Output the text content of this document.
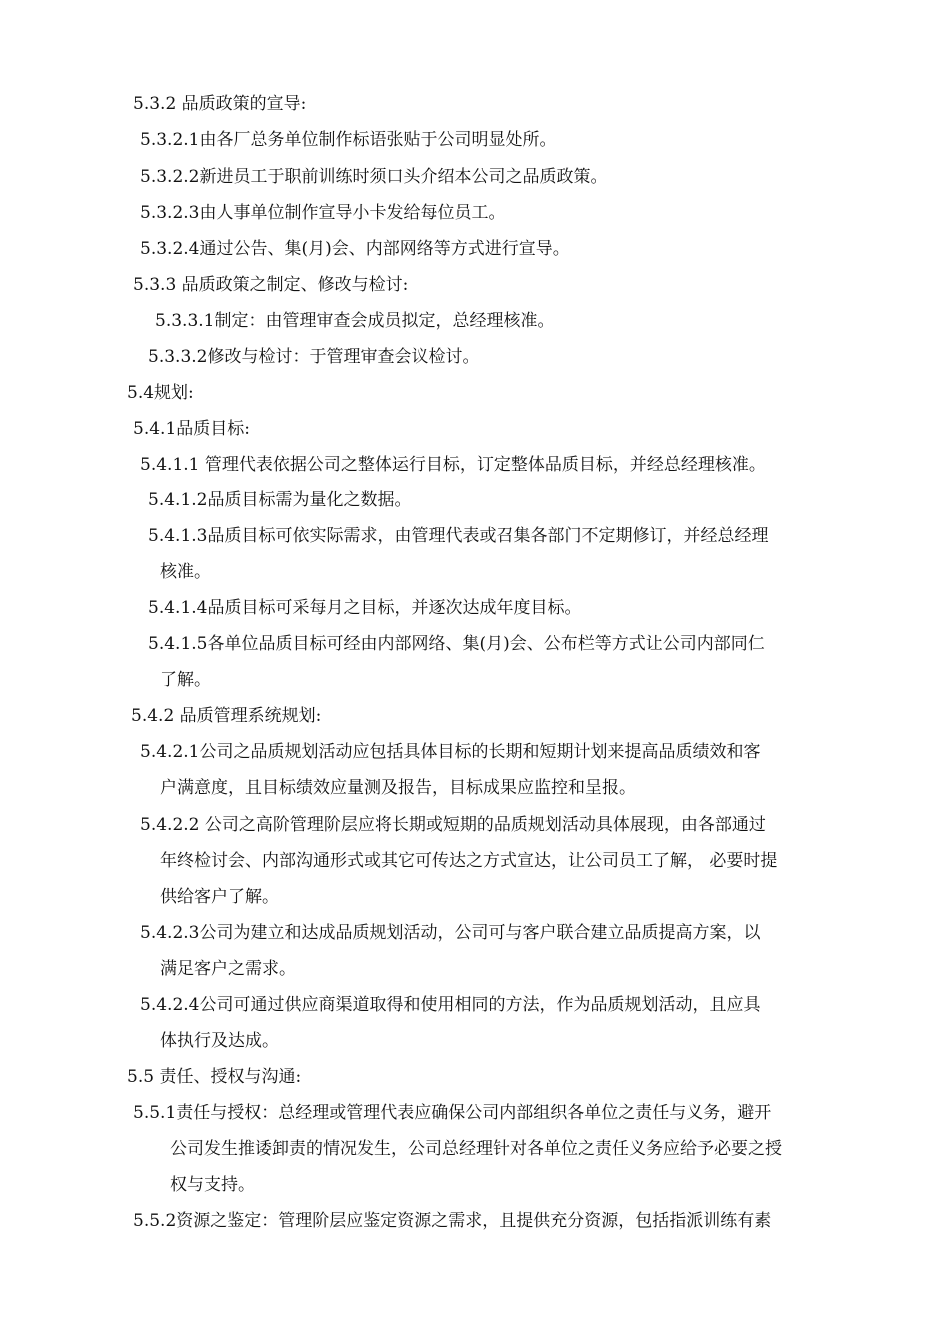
5.3.2 品质政策的宣导:
5.3.2.1由各厂总务单位制作标语张贴于公司明显处所。
5.3.2.2新进员工于职前训练时须口头介绍本公司之品质政策。
5.3.2.3由人事单位制作宣导小卡发给每位员工。
5.3.2.4通过公告、集(月)会、内部网络等方式进行宣导。
5.3.3 品质政策之制定、修改与检讨:
5.3.3.1制定：由管理审查会成员拟定，总经理核准。
5.3.3.2修改与检讨：于管理审查会议检讨。
5.4规划:
5.4.1品质目标:
5.4.1.1 管理代表依据公司之整体运行目标，订定整体品质目标，并经总经理核准。
5.4.1.2品质目标需为量化之数据。
5.4.1.3品质目标可依实际需求，由管理代表或召集各部门不定期修订，并经总经理
核准。
5.4.1.4品质目标可采每月之目标，并逐次达成年度目标。
5.4.1.5各单位品质目标可经由内部网络、集(月)会、公布栏等方式让公司内部同仁
了解。
5.4.2 品质管理系统规划:
5.4.2.1公司之品质规划活动应包括具体目标的长期和短期计划来提高品质绩效和客
户满意度，且目标绩效应量测及报告，目标成果应监控和呈报。
5.4.2.2 公司之高阶管理阶层应将长期或短期的品质规划活动具体展现，由各部通过
年终检讨会、内部沟通形式或其它可传达之方式宣达，让公司员工了解， 必要时提
供给客户了解。
5.4.2.3公司为建立和达成品质规划活动，公司可与客户联合建立品质提高方案，以
满足客户之需求。
5.4.2.4公司可通过供应商渠道取得和使用相同的方法，作为品质规划活动，且应具
体执行及达成。
5.5 责任、授权与沟通:
5.5.1责任与授权：总经理或管理代表应确保公司内部组织各单位之责任与义务，避开
公司发生推诿卸责的情况发生，公司总经理针对各单位之责任义务应给予必要之授
权与支持。
5.5.2资源之鉴定：管理阶层应鉴定资源之需求，且提供充分资源，包括指派训练有素
